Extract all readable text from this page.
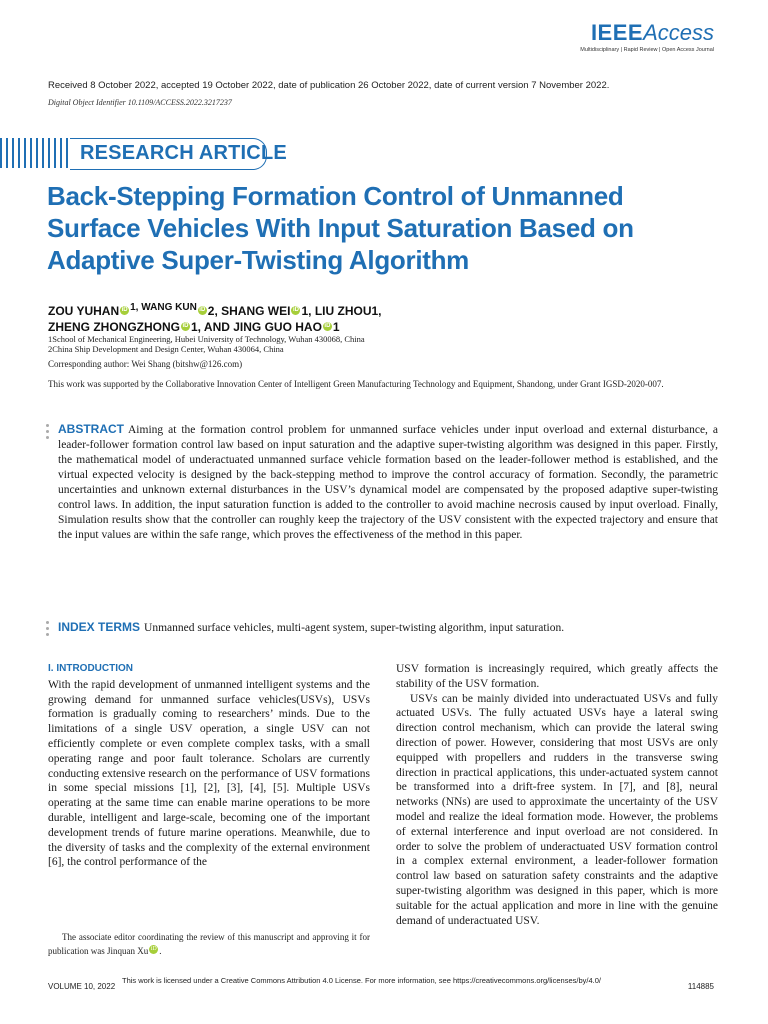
IEEEAccess
Multidisciplinary | Rapid Review | Open Access Journal
Received 8 October 2022, accepted 19 October 2022, date of publication 26 October 2022, date of current version 7 November 2022.
Digital Object Identifier 10.1109/ACCESS.2022.3217237
RESEARCH ARTICLE
Back-Stepping Formation Control of Unmanned Surface Vehicles With Input Saturation Based on Adaptive Super-Twisting Algorithm
ZOU YUHAN iD $^{1, WANG KUN}$ iD 2, SHANG WEI iD 1, LIU ZHOU1,
ZHENG ZHONGZHONG iD 1, AND JING GUO HAO iD 1
1School of Mechanical Engineering, Hubei University of Technology, Wuhan 430068, China
2China Ship Development and Design Center, Wuhan 430064, China
Corresponding author: Wei Shang (bitshw@126.com)
This work was supported by the Collaborative Innovation Center of Intelligent Green Manufacturing Technology and Equipment, Shandong, under Grant IGSD-2020-007.
ABSTRACT Aiming at the formation control problem for unmanned surface vehicles under input overload and external disturbance, a leader-follower formation control law based on input saturation and the adaptive super-twisting algorithm was designed in this paper. Firstly, the mathematical model of underactuated unmanned surface vehicle formation based on the leader-follower method is established, and the virtual expected velocity is designed by the back-stepping method to improve the control accuracy of formation. Secondly, the parametric uncertainties and unknown external disturbances in the USV’s dynamical model are compensated by the proposed adaptive super-twisting control laws. In addition, the input saturation function is added to the controller to avoid machine necrosis caused by input overload. Finally, Simulation results show that the controller can roughly keep the trajectory of the USV consistent with the expected trajectory and ensure that the input values are within the safe range, which proves the effectiveness of the method in this paper.
INDEX TERMS Unmanned surface vehicles, multi-agent system, super-twisting algorithm, input saturation.
I. INTRODUCTION

With the rapid development of unmanned intelligent systems and the growing demand for unmanned surface vehicles(USVs), USVs formation is gradually coming to researchers’ minds. Due to the limitations of a single USV operation, a single USV can not efficiently complete or even complete complex tasks, with a small operating range and poor fault tolerance. Scholars are currently conducting extensive research on the performance of USV formations in some special missions [1], [2], [3], [4], [5]. Multiple USVs operating at the same time can enable marine operations to be more durable, intelligent and large-scale, becoming one of the important development trends of future marine operations. Meanwhile, due to the diversity of tasks and the complexity of the external environment [6], the control performance of the

USV formation is increasingly required, which greatly affects the stability of the USV formation.

USVs can be mainly divided into underactuated USVs and fully actuated USVs. The fully actuated USVs haye a lateral swing direction control mechanism, which can provide the lateral swing direction of power. However, considering that most USVs are only equipped with propellers and rudders in the transverse swing direction in practical applications, this under-actuated system cannot be transformed into a drift-free system. In [7], and [8], neural networks (NNs) are used to approximate the uncertainty of the USV model and realize the ideal formation mode. However, the problems of external interference and input overload are not considered. In order to solve the problem of underactuated USV formation control in a complex external environment, a leader-follower formation control law based on saturation safety constraints and the adaptive super-twisting algorithm was designed in this paper, which is more suitable for the actual application and more in line with the genuine demand of underactuated USV.

The associate editor coordinating the review of this manuscript and approving it for publication was Jinquan Xu iD .
VOLUME 10, 2022
This work is licensed under a Creative Commons Attribution 4.0 License. For more information, see https://creativecommons.org/licenses/by/4.0/
114885
